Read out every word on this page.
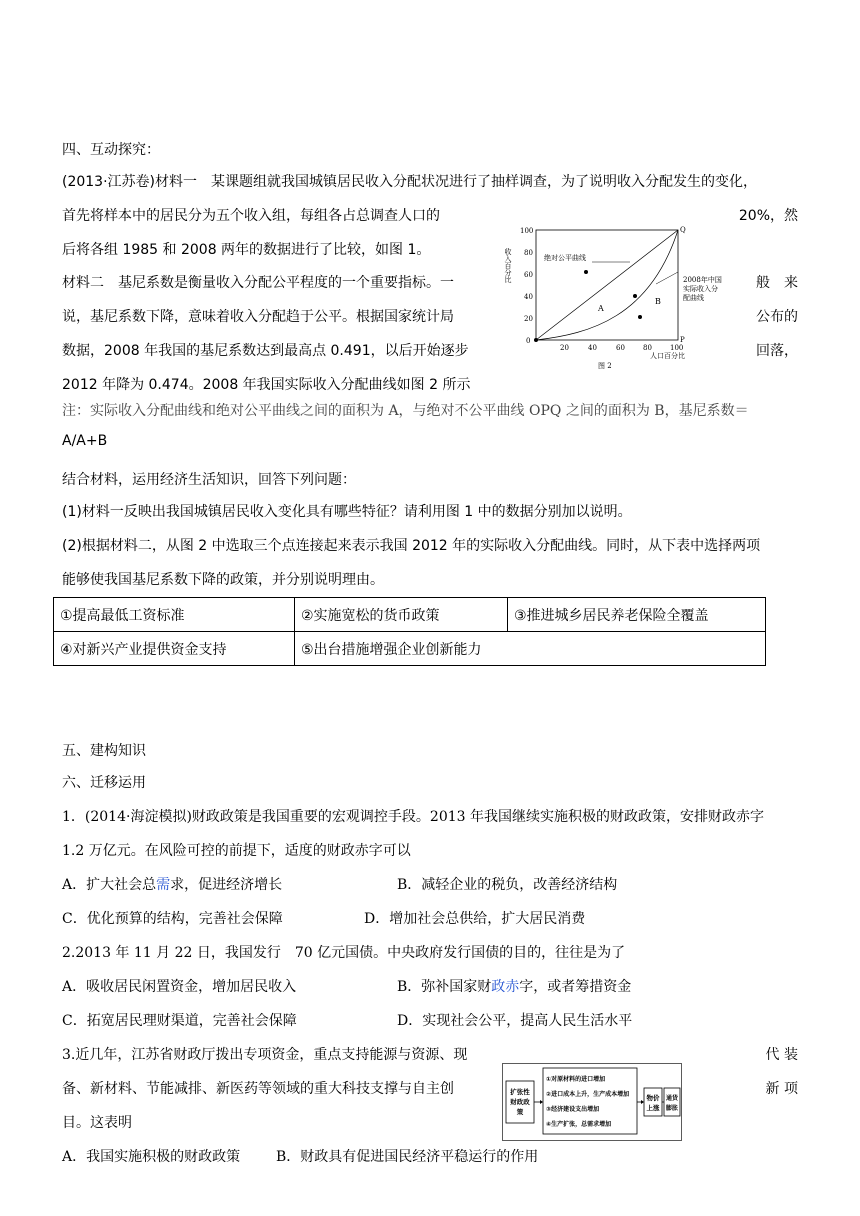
四、互动探究：
(2013·江苏卷)材料一　某课题组就我国城镇居民收入分配状况进行了抽样调查，为了说明收入分配发生的变化，
首先将样本中的居民分为五个收入组，每组各占总调查人口的	20%，然
后将各组 1985 和 2008 两年的数据进行了比较，如图 1。
材料二　基尼系数是衡量收入分配公平程度的一个重要指标。一	般　来
说，基尼系数下降，意味着收入分配趋于公平。根据国家统计局	公布的
数据，2008 年我国的基尼系数达到最高点 0.491，以后开始逐步	回落，
2012 年降为 0.474。2008 年我国实际收入分配曲线如图 2 所示
注：实际收入分配曲线和绝对公平曲线之间的面积为 A，与绝对不公平曲线 OPQ 之间的面积为 B，基尼系数＝
A/A+B
结合材料，运用经济生活知识，回答下列问题：
(1)材料一反映出我国城镇居民收入变化具有哪些特征？请利用图 1 中的数据分别加以说明。
(2)根据材料二，从图 2 中选取三个点连接起来表示我国 2012 年的实际收入分配曲线。同时，从下表中选择两项
能够使我国基尼系数下降的政策，并分别说明理由。
①提高最低工资标准	②实施宽松的货币政策	③推进城乡居民养老保险全覆盖
④对新兴产业提供资金支持	⑤出台措施增强企业创新能力	
绝对公平曲线
2008年中国
实际收入分
配曲线
A
B
Q
P
0
100
80
60
40
20
20	40	60	80	100
人口百分比
收入百分比
图 2
五、建构知识
六、迁移运用
1．(2014·海淀模拟)财政政策是我国重要的宏观调控手段。2013 年我国继续实施积极的财政政策，安排财政赤字
1.2 万亿元。在风险可控的前提下，适度的财政赤字可以
A．扩大社会总需求，促进经济增长	B．减轻企业的税负，改善经济结构
C．优化预算的结构，完善社会保障	D．增加社会总供给，扩大居民消费
2.2013 年 11 月 22 日，我国发行　70 亿元国债。中央政府发行国债的目的，往往是为了
A．吸收居民闲置资金，增加居民收入	B．弥补国家财政赤字，或者筹措资金
C．拓宽居民理财渠道，完善社会保障	D．实现社会公平，提高人民生活水平
3.近几年，江苏省财政厅拨出专项资金，重点支持能源与资源、现	代 装
备、新材料、节能减排、新医药等领域的重大科技支撑与自主创	新 项
目。这表明
A．我国实施积极的财政政策	B．财政具有促进国民经济平稳运行的作用
扩张性
财政政
策
①对原材料的进口增加
②进口成本上升，生产成本增加
③经济建设支出增加
④生产扩张，总需求增加
物价
上涨
通货
膨胀
